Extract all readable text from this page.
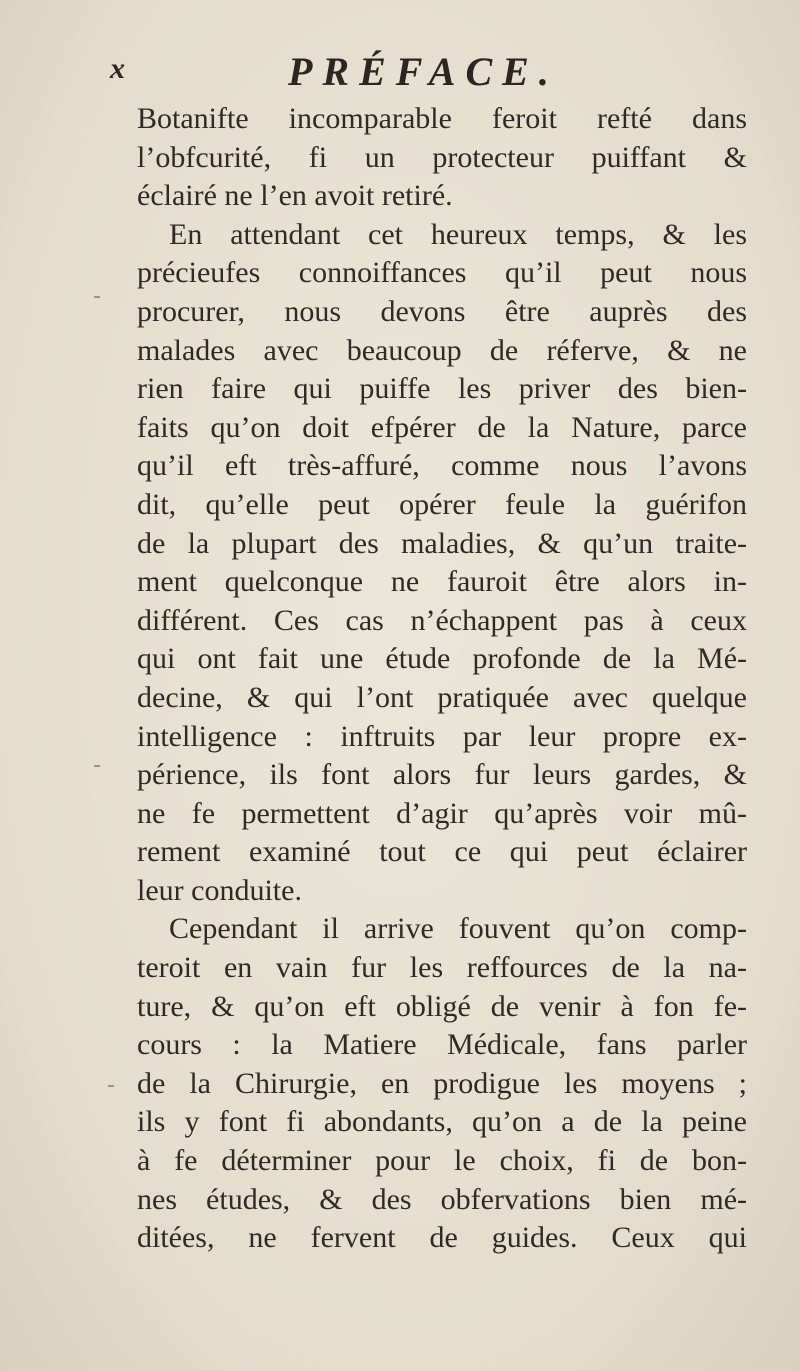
x	PRÉFACE.
Botanifte incomparable feroit refté dans
l’obfcurité, fi un protecteur puiffant &
éclairé ne l’en avoit retiré.
En attendant cet heureux temps, & les
précieufes connoiffances qu’il peut nous
procurer, nous devons être auprès des
malades avec beaucoup de réferve, & ne
rien faire qui puiffe les priver des bien-
faits qu’on doit efpérer de la Nature, parce
qu’il eft très-affuré, comme nous l’avons
dit, qu’elle peut opérer feule la guérifon
de la plupart des maladies, & qu’un traite-
ment quelconque ne fauroit être alors in-
différent. Ces cas n’échappent pas à ceux
qui ont fait une étude profonde de la Mé-
decine, & qui l’ont pratiquée avec quelque
intelligence : inftruits par leur propre ex-
périence, ils font alors fur leurs gardes, &
ne fe permettent d’agir qu’après voir mû-
rement examiné tout ce qui peut éclairer
leur conduite.
Cependant il arrive fouvent qu’on comp-
teroit en vain fur les reffources de la na-
ture, & qu’on eft obligé de venir à fon fe-
cours : la Matiere Médicale, fans parler
de la Chirurgie, en prodigue les moyens ;
ils y font fi abondants, qu’on a de la peine
à fe déterminer pour le choix, fi de bon-
nes études, & des obfervations bien mé-
ditées, ne fervent de guides. Ceux qui
